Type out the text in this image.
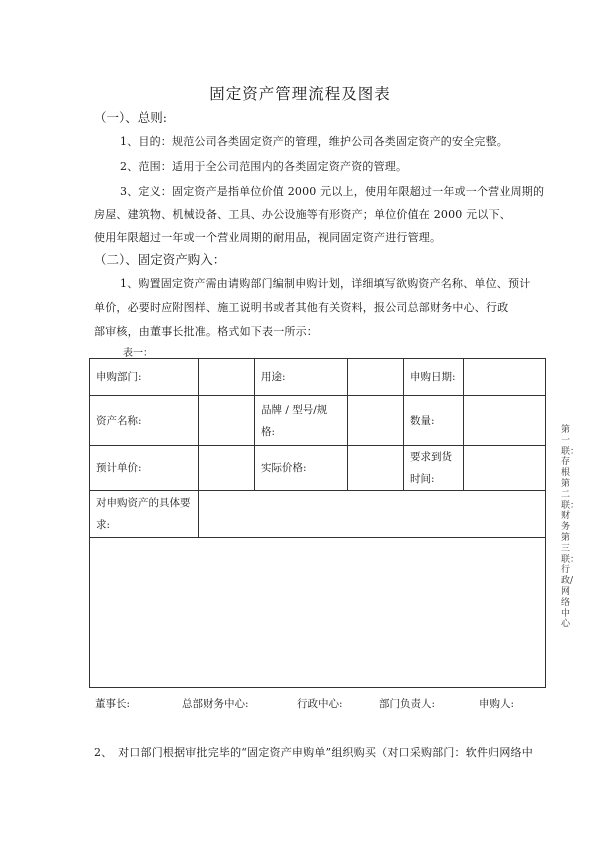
固定资产管理流程及图表
（一）、总则:
1、目的：规范公司各类固定资产的管理，维护公司各类固定资产的安全完整。
2、范围：适用于全公司范围内的各类固定资产资的管理。
3、定义：固定资产是指单位价值 2000 元以上，使用年限超过一年或一个营业周期的
房屋、建筑物、机械设备、工具、办公设施等有形资产；单位价值在 2000 元以下、
使用年限超过一年或一个营业周期的耐用品，视同固定资产进行管理。
（二）、固定资产购入：
1、购置固定资产需由请购部门编制申购计划，详细填写欲购资产名称、单位、预计
单价，必要时应附图样、施工说明书或者其他有关资料，报公司总部财务中心、行政
部审核，由董事长批准。格式如下表一所示：
表一：
申购部门:		用途:		申购日期:	
资产名称:		品牌 / 型号/规格:		数量:	
预计单价:		实际价格:		要求到货时间:	
对申购资产的具体要求:					

董事长:	总部财务中心:	行政中心:	部门负责人:	申购人:
第一联：存根 第二联：财务 第三联：行政/网络中心
2、　对口部门根据审批完毕的“固定资产申购单”组织购买（对口采购部门：软件归网络中
